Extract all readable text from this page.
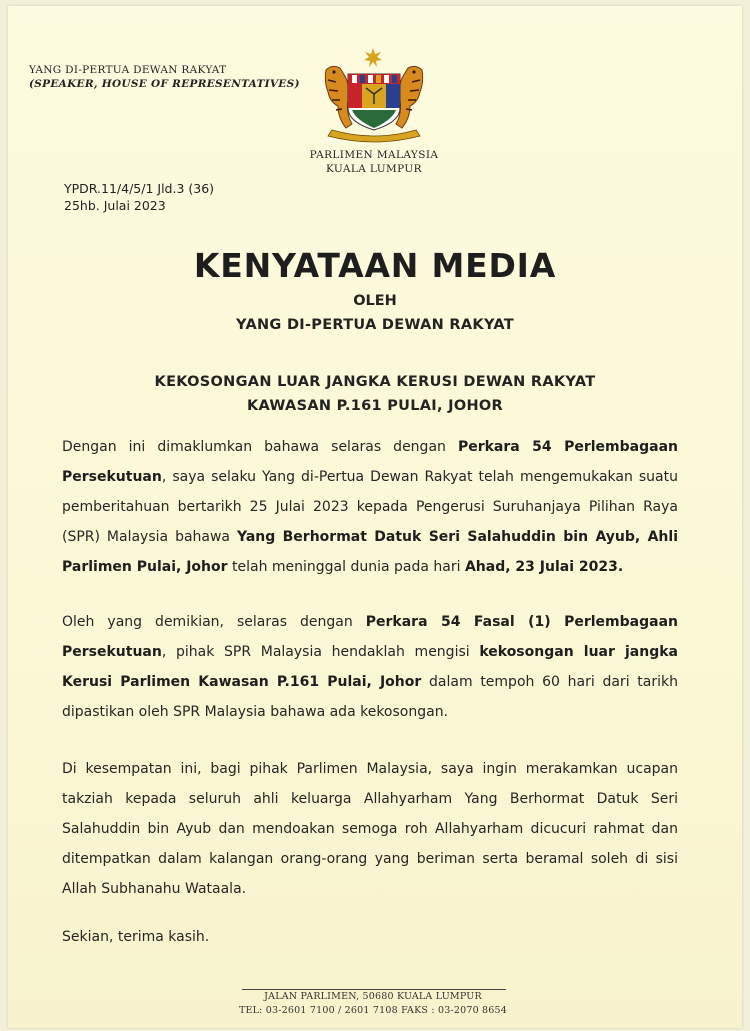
YANG DI-PERTUA DEWAN RAKYAT
(SPEAKER, HOUSE OF REPRESENTATIVES)
PARLIMEN MALAYSIA
KUALA LUMPUR
YPDR.11/4/5/1 Jld.3 (36)
25hb. Julai 2023
KENYATAAN MEDIA
OLEH
YANG DI-PERTUA DEWAN RAKYAT
KEKOSONGAN LUAR JANGKA KERUSI DEWAN RAKYAT
KAWASAN P.161 PULAI, JOHOR

Dengan ini dimaklumkan bahawa selaras dengan Perkara 54 Perlembagaan Persekutuan, saya selaku Yang di-Pertua Dewan Rakyat telah mengemukakan suatu pemberitahuan bertarikh 25 Julai 2023 kepada Pengerusi Suruhanjaya Pilihan Raya (SPR) Malaysia bahawa Yang Berhormat Datuk Seri Salahuddin bin Ayub, Ahli Parlimen Pulai, Johor telah meninggal dunia pada hari Ahad, 23 Julai 2023.

Oleh yang demikian, selaras dengan Perkara 54 Fasal (1) Perlembagaan Persekutuan, pihak SPR Malaysia hendaklah mengisi kekosongan luar jangka Kerusi Parlimen Kawasan P.161 Pulai, Johor dalam tempoh 60 hari dari tarikh dipastikan oleh SPR Malaysia bahawa ada kekosongan.

Di kesempatan ini, bagi pihak Parlimen Malaysia, saya ingin merakamkan ucapan takziah kepada seluruh ahli keluarga Allahyarham Yang Berhormat Datuk Seri Salahuddin bin Ayub dan mendoakan semoga roh Allahyarham dicucuri rahmat dan ditempatkan dalam kalangan orang-orang yang beriman serta beramal soleh di sisi Allah Subhanahu Wataala.

Sekian, terima kasih.

JALAN PARLIMEN, 50680 KUALA LUMPUR
TEL: 03-2601 7100 / 2601 7108 FAKS : 03-2070 8654
